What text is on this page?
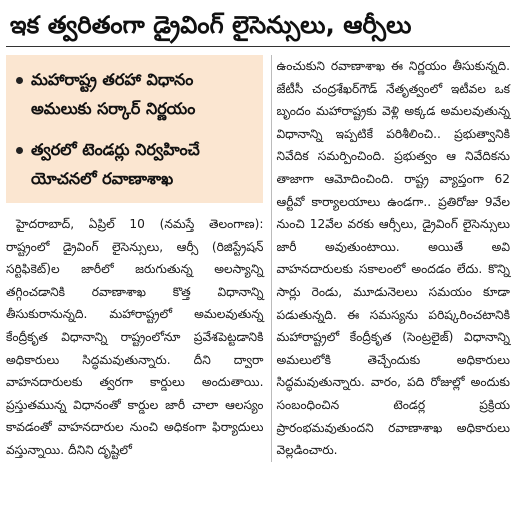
ఇక త్వరితంగా డ్రైవింగ్ లైసెన్సులు, ఆర్సీలు
మహారాష్ట్ర తరహా విధానం అమలుకు సర్కార్ నిర్ణయం
త్వరలో టెండర్లు నిర్వహించే యోచనలో రవాణాశాఖ

హైదరాబాద్, ఏప్రిల్ 10 (నమస్తే తెలంగాణ): రాష్ట్రంలో డ్రైవింగ్ లైసెన్సులు, ఆర్సీ (రిజిస్ట్రేషన్ సర్టిఫికెట్)ల జారీలో జరుగుతున్న అలస్యాన్ని తగ్గించడానికి రవాణాశాఖ కొత్త విధానాన్ని తీసుకురానున్నది. మహారాష్ట్రలో అమలవుతున్న కేంద్రీకృత విధానాన్ని రాష్ట్రంలోనూ ప్రవేశపెట్టడానికి అధికారులు సిద్ధమవుతున్నారు. దీని ద్వారా వాహనదారులకు త్వరగా కార్డులు అందుతాయి. ప్రస్తుతమున్న విధానంతో కార్డుల జారీ చాలా ఆలస్యం కావడంతో వాహనదారుల నుంచి అధికంగా ఫిర్యాదులు వస్తున్నాయి. దీనిని దృష్టిలో

ఉంచుకుని రవాణాశాఖ ఈ నిర్ణయం తీసుకున్నది. జేటీసీ చంద్రశేఖర్‌గౌడ్ నేతృత్వంలో ఇటీవల ఒక బృందం మహారాష్ట్రకు వెళ్లి అక్కడ అమలవుతున్న విధానాన్ని ఇప్పటికే పరిశీలించి.. ప్రభుత్వానికి నివేదిక సమర్పించింది. ప్రభుత్వం ఆ నివేదికను తాజాగా ఆమోదించింది. రాష్ట్ర వ్యాప్తంగా 62 ఆర్టీవో కార్యాలయాలు ఉండగా.. ప్రతిరోజు 9వేల నుంచి 12వేల వరకు ఆర్సీలు, డ్రైవింగ్ లైసెన్సులు జారీ అవుతుంటాయి. అయితే అవి వాహనదారులకు సకాలంలో అందడం లేదు. కొన్ని సార్లు రెండు, మూడునెలలు సమయం కూడా పడుతున్నది. ఈ సమస్యను పరిష్కరించటానికి మహారాష్ట్రలో కేంద్రీకృత (సెంట్రలైజ్) విధానాన్ని అమలులోకి తెచ్చేందుకు అధికారులు సిద్ధమవుతున్నారు. వారం, పది రోజుల్లో అందుకు సంబంధించిన టెండర్ల ప్రక్రియ ప్రారంభమవుతుందని రవాణాశాఖ అధికారులు వెల్లడించారు.
